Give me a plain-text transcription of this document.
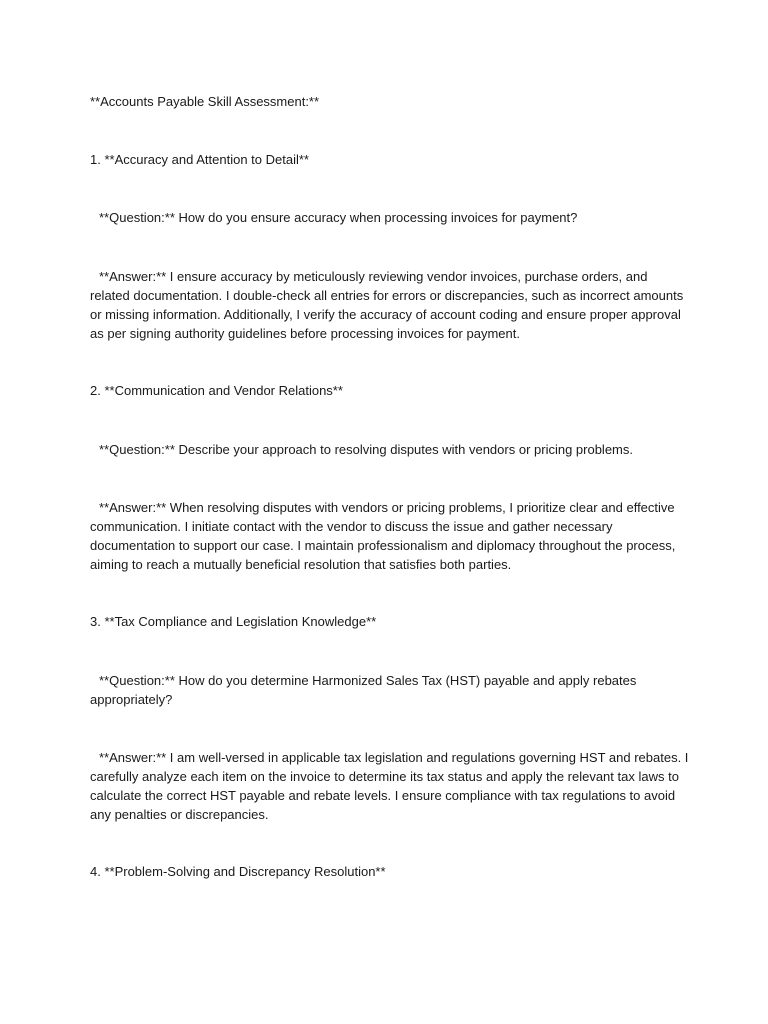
**Accounts Payable Skill Assessment:**

1. **Accuracy and Attention to Detail**

**Question:** How do you ensure accuracy when processing invoices for payment?

**Answer:** I ensure accuracy by meticulously reviewing vendor invoices, purchase orders, and related documentation. I double-check all entries for errors or discrepancies, such as incorrect amounts or missing information. Additionally, I verify the accuracy of account coding and ensure proper approval as per signing authority guidelines before processing invoices for payment.

2. **Communication and Vendor Relations**

**Question:** Describe your approach to resolving disputes with vendors or pricing problems.

**Answer:** When resolving disputes with vendors or pricing problems, I prioritize clear and effective communication. I initiate contact with the vendor to discuss the issue and gather necessary documentation to support our case. I maintain professionalism and diplomacy throughout the process, aiming to reach a mutually beneficial resolution that satisfies both parties.

3. **Tax Compliance and Legislation Knowledge**

**Question:** How do you determine Harmonized Sales Tax (HST) payable and apply rebates appropriately?

**Answer:** I am well-versed in applicable tax legislation and regulations governing HST and rebates. I carefully analyze each item on the invoice to determine its tax status and apply the relevant tax laws to calculate the correct HST payable and rebate levels. I ensure compliance with tax regulations to avoid any penalties or discrepancies.

4. **Problem-Solving and Discrepancy Resolution**
